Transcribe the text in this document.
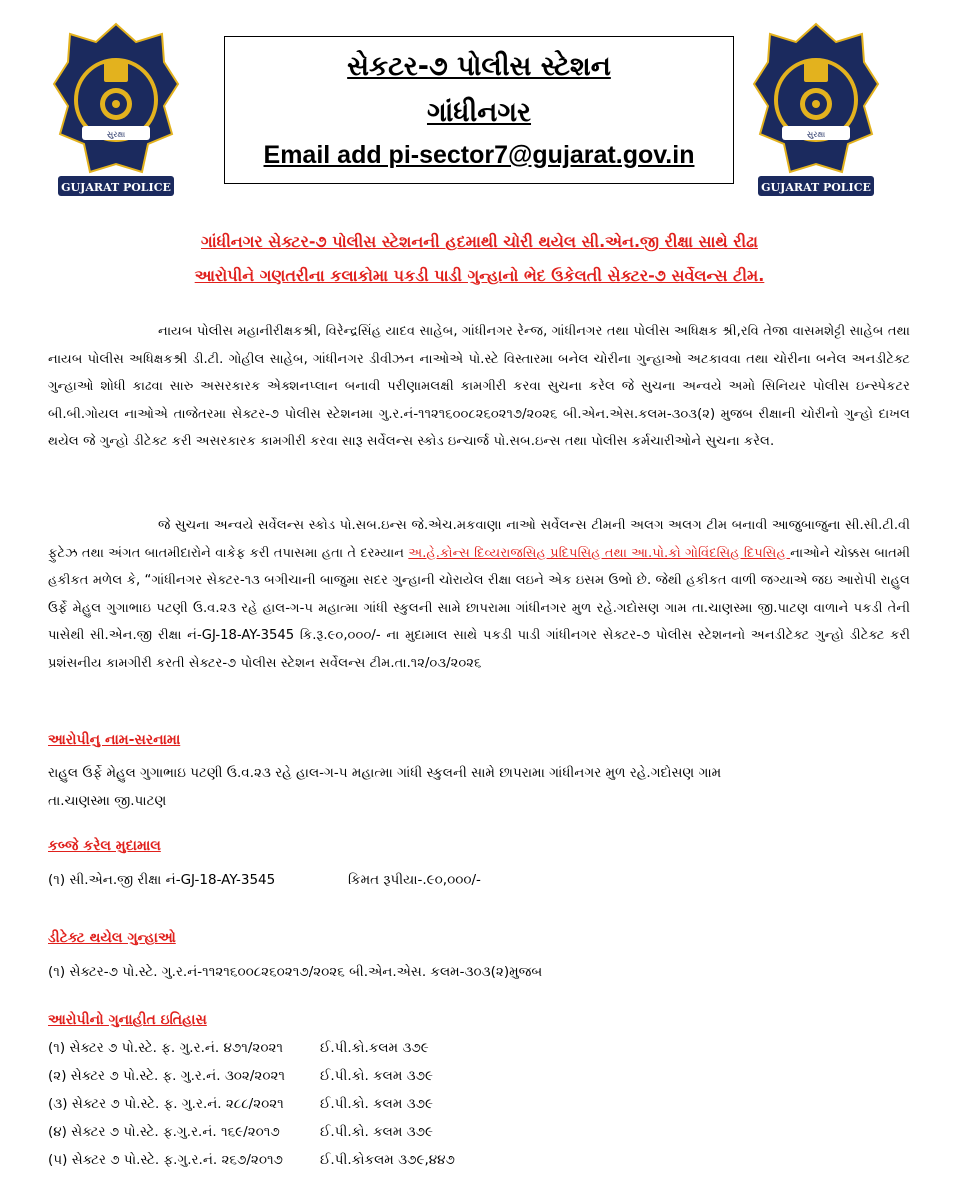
સુરક્ષા
GUJARAT POLICE
સેકટર-૭ પોલીસ સ્ટેશન
ગાંધીનગર
Email add pi-sector7@gujarat.gov.in
સુરક્ષા
GUJARAT POLICE
ગાંધીનગર સેક્ટર-૭ પોલીસ સ્ટેશનની હદમાથી ચોરી થયેલ સી.એન.જી રીક્ષા સાથે રીઢા
આરોપીને ગણતરીના કલાકોમા પકડી પાડી ગુન્હાનો ભેદ ઉકેલતી સેક્ટર-૭ સર્વેલન્સ ટીમ.
નાયબ પોલીસ મહાનીરીક્ષકશ્રી, વિરેન્દ્રસિંહ યાદવ સાહેબ, ગાંધીનગર રેન્જ, ગાંધીનગર તથા પોલીસ અધિક્ષક શ્રી,રવિ તેજા વાસમશેટ્ટી સાહેબ તથા નાયબ પોલીસ અધિક્ષકશ્રી ડી.ટી. ગોહીલ સાહેબ, ગાંધીનગર ડીવીઝન નાઓએ પો.સ્ટે વિસ્તારમા બનેલ ચોરીના ગુન્હાઓ અટકાવવા તથા ચોરીના બનેલ અનડીટેક્ટ ગુન્હાઓ શોધી કાઢવા સારુ અસરકારક એક્શનપ્લાન બનાવી પરીણામલક્ષી કામગીરી કરવા સુચના કરેલ જે સુચના અન્વયે અમો સિનિયર પોલીસ ઇન્સ્પેકટર બી.બી.ગોયલ નાઓએ તાજેતરમા સેક્ટર-૭ પોલીસ સ્ટેશનમા ગુ.ર.નં-૧૧૨૧૬૦૦૮૨૬૦૨૧૭/૨૦૨૬ બી.એન.એસ.કલમ-૩૦૩(૨) મુજબ રીક્ષાની ચોરીનો ગુન્હો દાખલ થયેલ જે ગુન્હો ડીટેક્ટ કરી અસરકારક કામગીરી કરવા સારૂ સર્વેલન્સ સ્કોડ ઇન્ચાર્જ પો.સબ.ઇન્સ તથા પોલીસ કર્મચારીઓને સુચના કરેલ.
જે સુચના અન્વયે સર્વેલન્સ સ્કોડ પો.સબ.ઇન્સ જે.એચ.મકવાણા નાઓ સર્વેલન્સ ટીમની અલગ અલગ ટીમ બનાવી આજુબાજુના સી.સી.ટી.વી ફુટેઝ તથા અંગત બાતમીદારોને વાકેફ કરી તપાસમા હતા તે દરમ્યાન અ.હે.કોન્સ દિવ્યરાજસિહ પ્રદિપસિહ તથા આ.પો.કો ગોવિંદસિહ દિપસિહ નાઓને ચોક્કસ બાતમી હકીકત મળેલ કે, “ગાંધીનગર સેક્ટર-૧૩ બગીચાની બાજુમા સદર ગુન્હાની ચોરાયેલ રીક્ષા લઇને એક ઇસમ ઉભો છે. જેથી હકીકત વાળી જગ્યાએ જઇ આરોપી રાહુલ ઉર્ફે મેહુલ ગુગાભાઇ પટણી ઉ.વ.૨૩ રહે હાલ-ગ-૫ મહાત્મા ગાંધી સ્કુલની સામે છાપરામા ગાંધીનગર મુળ રહે.ગદોસણ ગામ તા.ચાણસ્મા જી.પાટણ વાળાને પકડી તેની પાસેથી સી.એન.જી રીક્ષા નં-GJ-18-AY-3545 કિ.રૂ.૯૦,૦૦૦/- ના મુદામાલ સાથે પકડી પાડી ગાંધીનગર સેક્ટર-૭ પોલીસ સ્ટેશનનો અનડીટેક્ટ ગુન્હો ડીટેક્ટ કરી પ્રશંસનીય કામગીરી કરતી સેક્ટર-૭ પોલીસ સ્ટેશન સર્વેલન્સ ટીમ.તા.૧૨/૦૩/૨૦૨૬
આરોપીનુ નામ-સરનામા
રાહુલ ઉર્ફે મેહુલ ગુગાભાઇ પટણી ઉ.વ.૨૩ રહે હાલ-ગ-૫ મહાત્મા ગાંધી સ્કુલની સામે છાપરામા ગાંધીનગર મુળ રહે.ગદોસણ ગામ
તા.ચાણસ્મા જી.પાટણ
કબ્જે કરેલ મુદામાલ
(૧) સી.એન.જી રીક્ષા નં-GJ-18-AY-3545	કિમત રૂપીયા-.૯૦,૦૦૦/-
ડીટેક્ટ થયેલ ગુન્હાઓ
(૧) સેક્ટર-૭ પો.સ્ટે. ગુ.ર.નં-૧૧૨૧૬૦૦૮૨૬૦૨૧૭/૨૦૨૬ બી.એન.એસ. કલમ-૩૦૩(૨)મુજબ
આરોપીનો ગુનાહીત ઇતિહાસ
(૧) સેક્ટર ૭ પો.સ્ટે. ફ. ગુ.ર.નં. ૪૭૧/૨૦૨૧	ઈ.પી.કો.કલમ ૩૭૯
(૨) સેક્ટર ૭ પો.સ્ટે. ફ. ગુ.ર.નં. ૩૦૨/૨૦૨૧	ઈ.પી.કો. કલમ ૩૭૯
(૩) સેક્ટર ૭ પો.સ્ટે. ફ. ગુ.ર.નં. ૨૮૮/૨૦૨૧	ઈ.પી.કો. કલમ ૩૭૯
(૪) સેક્ટર ૭ પો.સ્ટે. ફ.ગુ.ર.નં. ૧૬૯/૨૦૧૭	ઈ.પી.કો. કલમ ૩૭૯
(૫) સેક્ટર ૭ પો.સ્ટે. ફ.ગુ.ર.નં. ૨૬૭/૨૦૧૭	ઈ.પી.કોકલમ ૩૭૯,૪૪૭
